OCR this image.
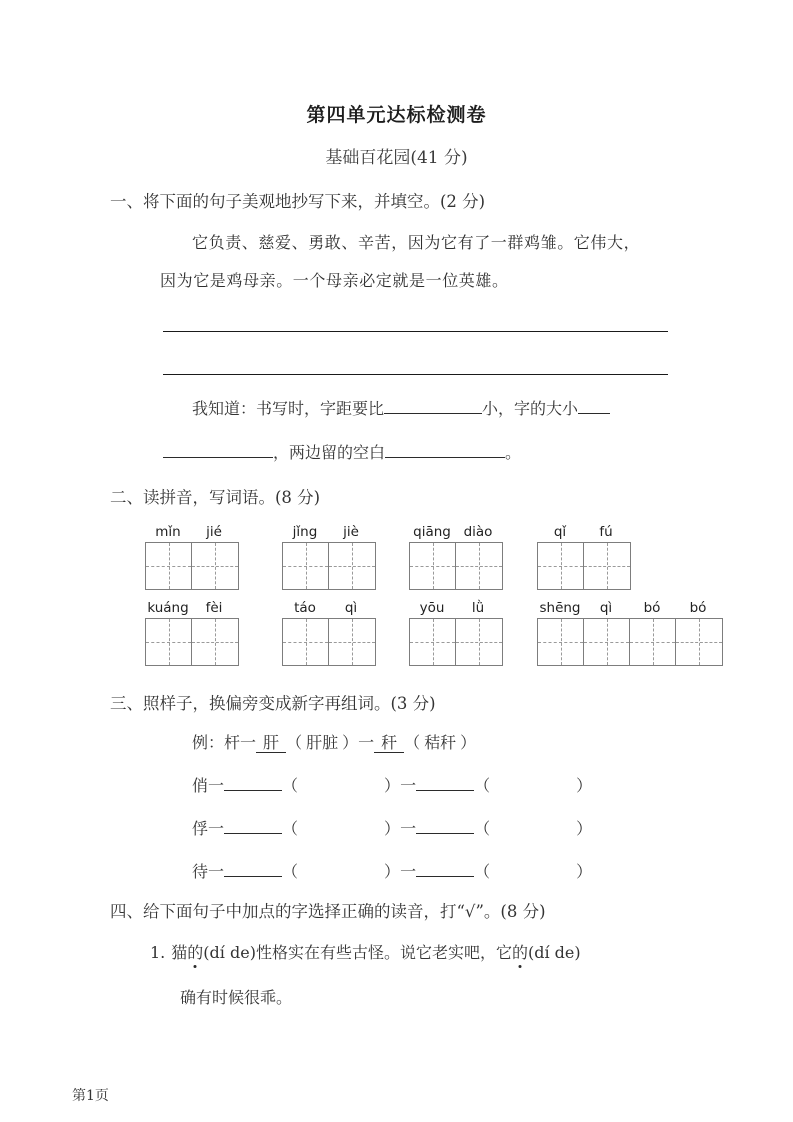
第四单元达标检测卷
基础百花园(41 分)
一、将下面的句子美观地抄写下来，并填空。(2 分)
它负责、慈爱、勇敢、辛苦，因为它有了一群鸡雏。它伟大，
因为它是鸡母亲。一个母亲必定就是一位英雄。
我知道：书写时，字距要比	小，字的大小
，两边留的空白	。
二、读拼音，写词语。(8 分)
mǐn	jié	jǐng	jiè	qiāng diào	qǐ	fú
kuáng	fèi	táo	qì	yōu	lǜ	shēng	qì	bó	bó
三、照样子，换偏旁变成新字再组词。(3 分)
例：杆一 肝 （ 肝脏 ）一 秆 （ 秸秆 ）
俏一	（	）一	（	）
俘一	（	）一	（	）
待一	（	）一	（	）
四、给下面句子中加点的字选择正确的读音，打“√”。(8 分)
1. 猫的(dí de)性格实在有些古怪。说它老实吧，它的(dí de)
确有时候很乖。
第1页
